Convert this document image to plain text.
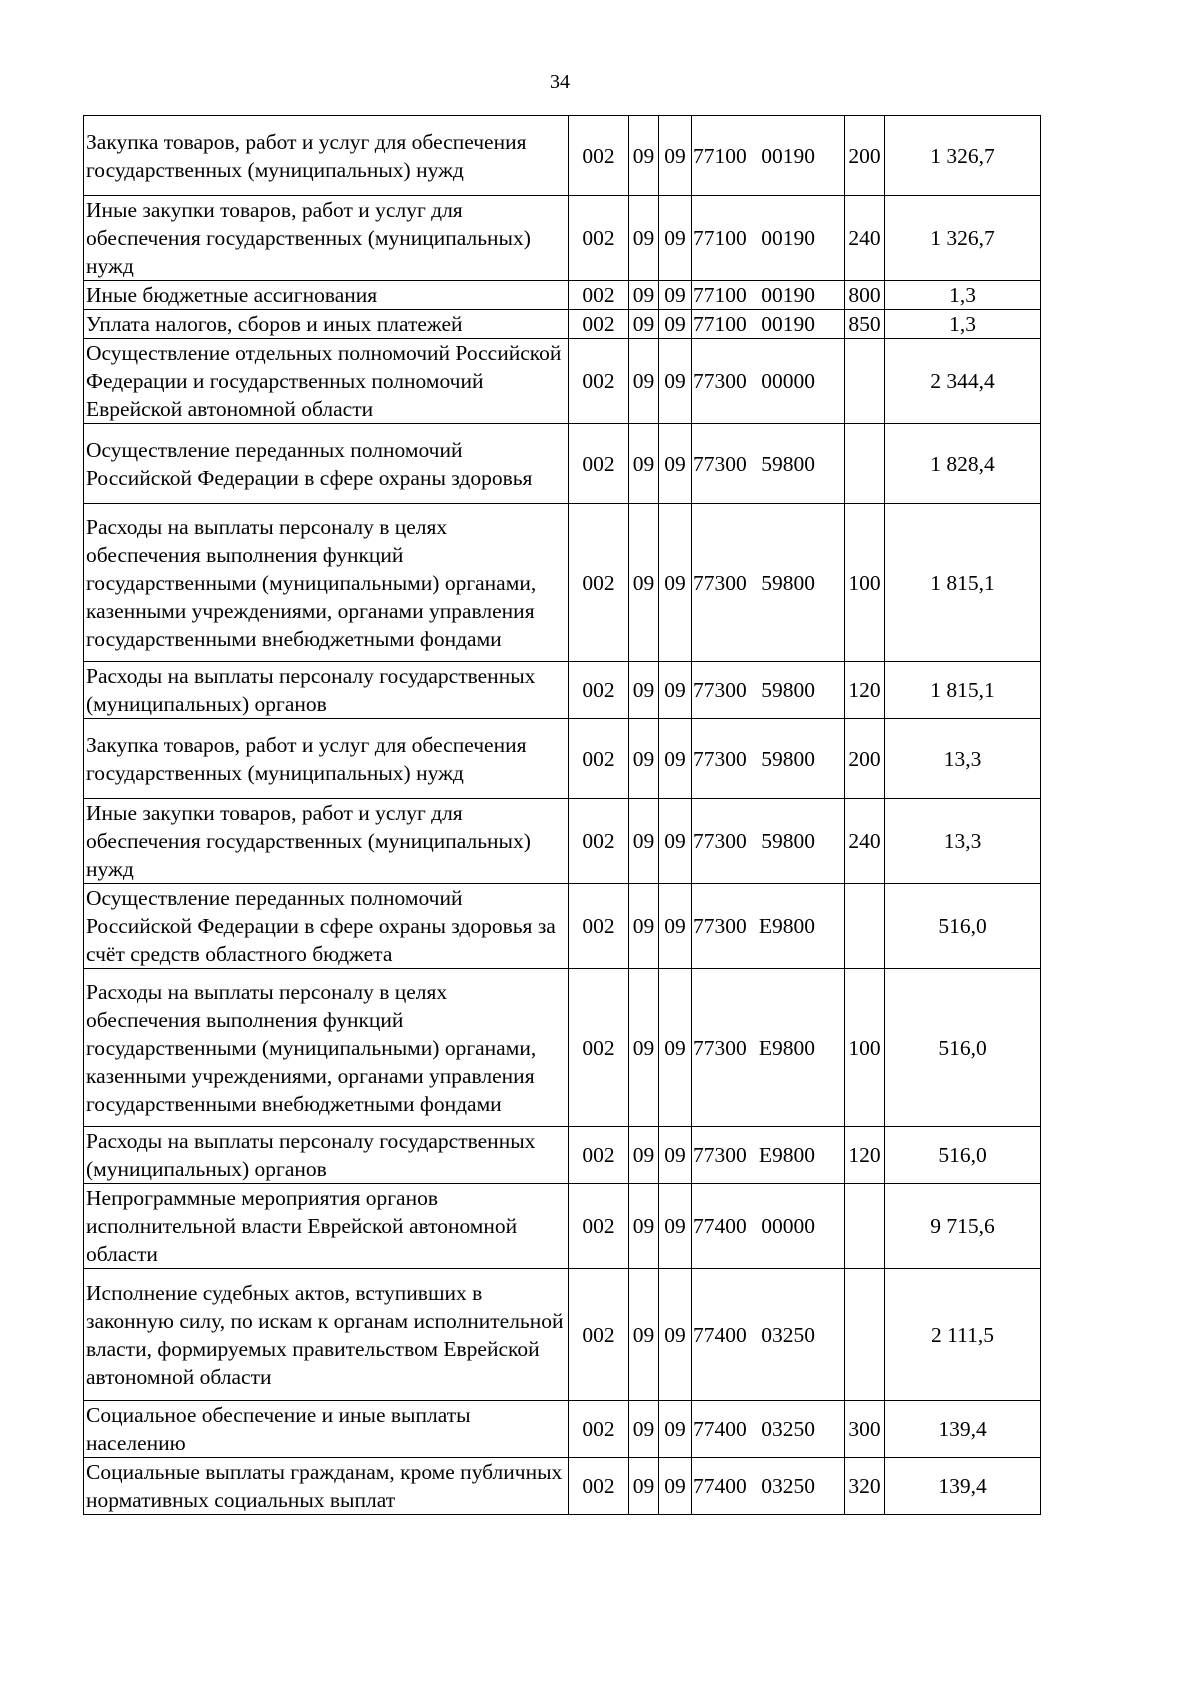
34
Закупка товаров, работ и услуг для обеспечения государственных (муниципальных) нужд	002	09	09	77100 00190	200	1 326,7
Иные закупки товаров, работ и услуг для обеспечения государственных (муниципальных) нужд	002	09	09	77100 00190	240	1 326,7
Иные бюджетные ассигнования	002	09	09	77100 00190	800	1,3
Уплата налогов, сборов и иных платежей	002	09	09	77100 00190	850	1,3
Осуществление отдельных полномочий Российской Федерации и государственных полномочий Еврейской автономной области	002	09	09	77300 00000		2 344,4
Осуществление переданных полномочий Российской Федерации в сфере охраны здоровья	002	09	09	77300 59800		1 828,4
Расходы на выплаты персоналу в целях обеспечения выполнения функций государственными (муниципальными) органами, казенными учреждениями, органами управления государственными внебюджетными фондами	002	09	09	77300 59800	100	1 815,1
Расходы на выплаты персоналу государственных (муниципальных) органов	002	09	09	77300 59800	120	1 815,1
Закупка товаров, работ и услуг для обеспечения государственных (муниципальных) нужд	002	09	09	77300 59800	200	13,3
Иные закупки товаров, работ и услуг для обеспечения государственных (муниципальных) нужд	002	09	09	77300 59800	240	13,3
Осуществление переданных полномочий Российской Федерации в сфере охраны здоровья за счёт средств областного бюджета	002	09	09	77300 E9800		516,0
Расходы на выплаты персоналу в целях обеспечения выполнения функций государственными (муниципальными) органами, казенными учреждениями, органами управления государственными внебюджетными фондами	002	09	09	77300 E9800	100	516,0
Расходы на выплаты персоналу государственных (муниципальных) органов	002	09	09	77300 E9800	120	516,0
Непрограммные мероприятия органов исполнительной власти Еврейской автономной области	002	09	09	77400 00000		9 715,6
Исполнение судебных актов, вступивших в законную силу, по искам к органам исполнительной власти, формируемых правительством Еврейской автономной области	002	09	09	77400 03250		2 111,5
Социальное обеспечение и иные выплаты населению	002	09	09	77400 03250	300	139,4
Социальные выплаты гражданам, кроме публичных нормативных социальных выплат	002	09	09	77400 03250	320	139,4
